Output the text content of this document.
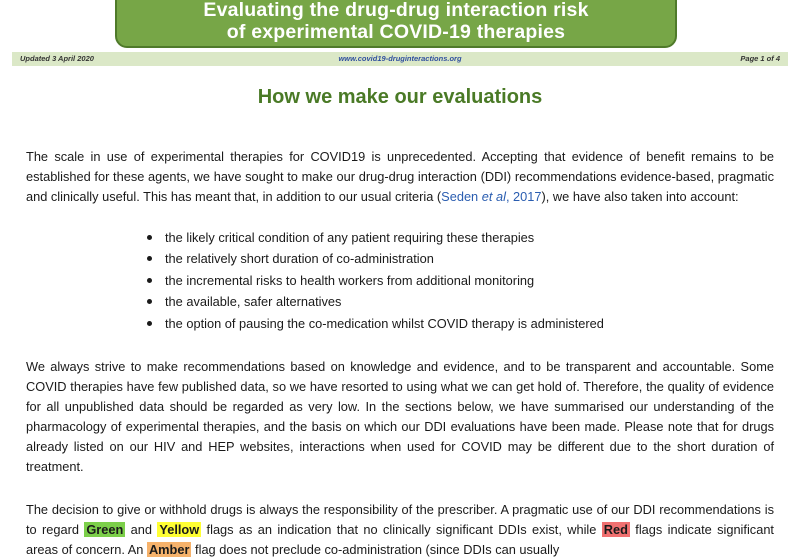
Evaluating the drug-drug interaction risk
of experimental COVID-19 therapies
Updated 3 April 2020	www.covid19-druginteractions.org	Page 1 of 4
How we make our evaluations

The scale in use of experimental therapies for COVID19 is unprecedented. Accepting that evidence of benefit remains to be established for these agents, we have sought to make our drug-drug interaction (DDI) recommendations evidence-based, pragmatic and clinically useful. This has meant that, in addition to our usual criteria (Seden et al, 2017), we have also taken into account:

the likely critical condition of any patient requiring these therapies
the relatively short duration of co-administration
the incremental risks to health workers from additional monitoring
the available, safer alternatives
the option of pausing the co-medication whilst COVID therapy is administered

We always strive to make recommendations based on knowledge and evidence, and to be transparent and accountable. Some COVID therapies have few published data, so we have resorted to using what we can get hold of. Therefore, the quality of evidence for all unpublished data should be regarded as very low. In the sections below, we have summarised our understanding of the pharmacology of experimental therapies, and the basis on which our DDI evaluations have been made. Please note that for drugs already listed on our HIV and HEP websites, interactions when used for COVID may be different due to the short duration of treatment.

The decision to give or withhold drugs is always the responsibility of the prescriber. A pragmatic use of our DDI recommendations is to regard Green and Yellow flags as an indication that no clinically significant DDIs exist, while Red flags indicate significant areas of concern. An Amber flag does not preclude co-administration (since DDIs can usually
